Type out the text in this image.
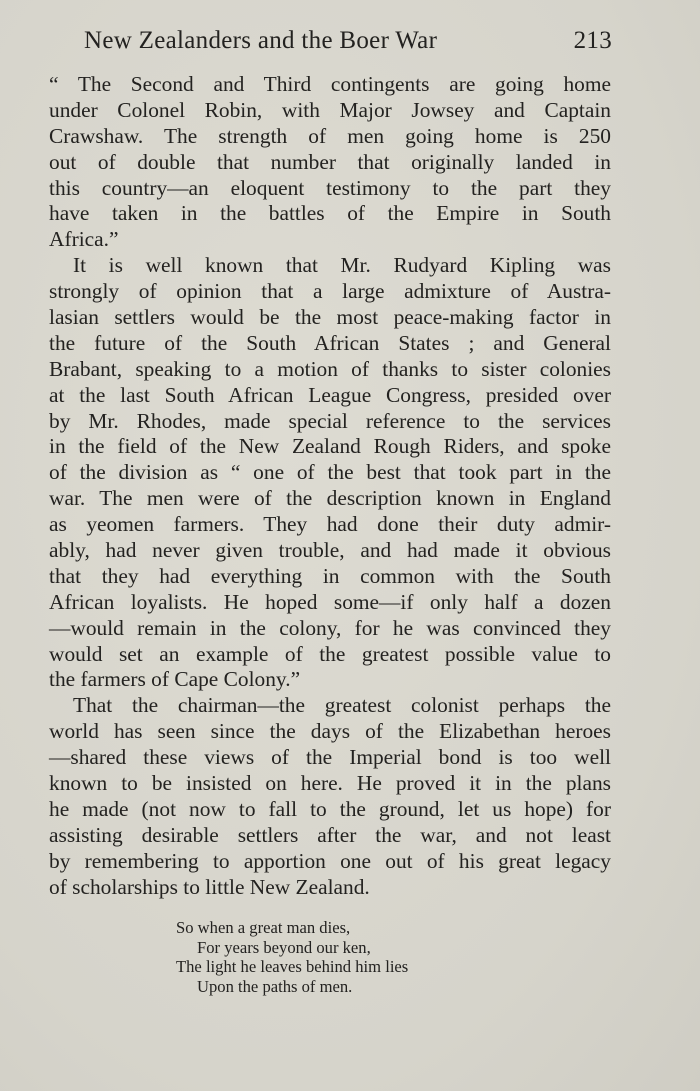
New Zealanders and the Boer War	213
“ The Second and Third contingents are going home
under Colonel Robin, with Major Jowsey and Captain
Crawshaw. The strength of men going home is 250
out of double that number that originally landed in
this country—an eloquent testimony to the part they
have taken in the battles of the Empire in South
Africa.”
It is well known that Mr. Rudyard Kipling was
strongly of opinion that a large admixture of Austra-
lasian settlers would be the most peace-making factor in
the future of the South African States ; and General
Brabant, speaking to a motion of thanks to sister colonies
at the last South African League Congress, presided over
by Mr. Rhodes, made special reference to the services
in the field of the New Zealand Rough Riders, and spoke
of the division as “ one of the best that took part in the
war. The men were of the description known in England
as yeomen farmers. They had done their duty admir-
ably, had never given trouble, and had made it obvious
that they had everything in common with the South
African loyalists. He hoped some—if only half a dozen
—would remain in the colony, for he was convinced they
would set an example of the greatest possible value to
the farmers of Cape Colony.”
That the chairman—the greatest colonist perhaps the
world has seen since the days of the Elizabethan heroes
—shared these views of the Imperial bond is too well
known to be insisted on here. He proved it in the plans
he made (not now to fall to the ground, let us hope) for
assisting desirable settlers after the war, and not least
by remembering to apportion one out of his great legacy
of scholarships to little New Zealand.
So when a great man dies,
For years beyond our ken,
The light he leaves behind him lies
Upon the paths of men.
